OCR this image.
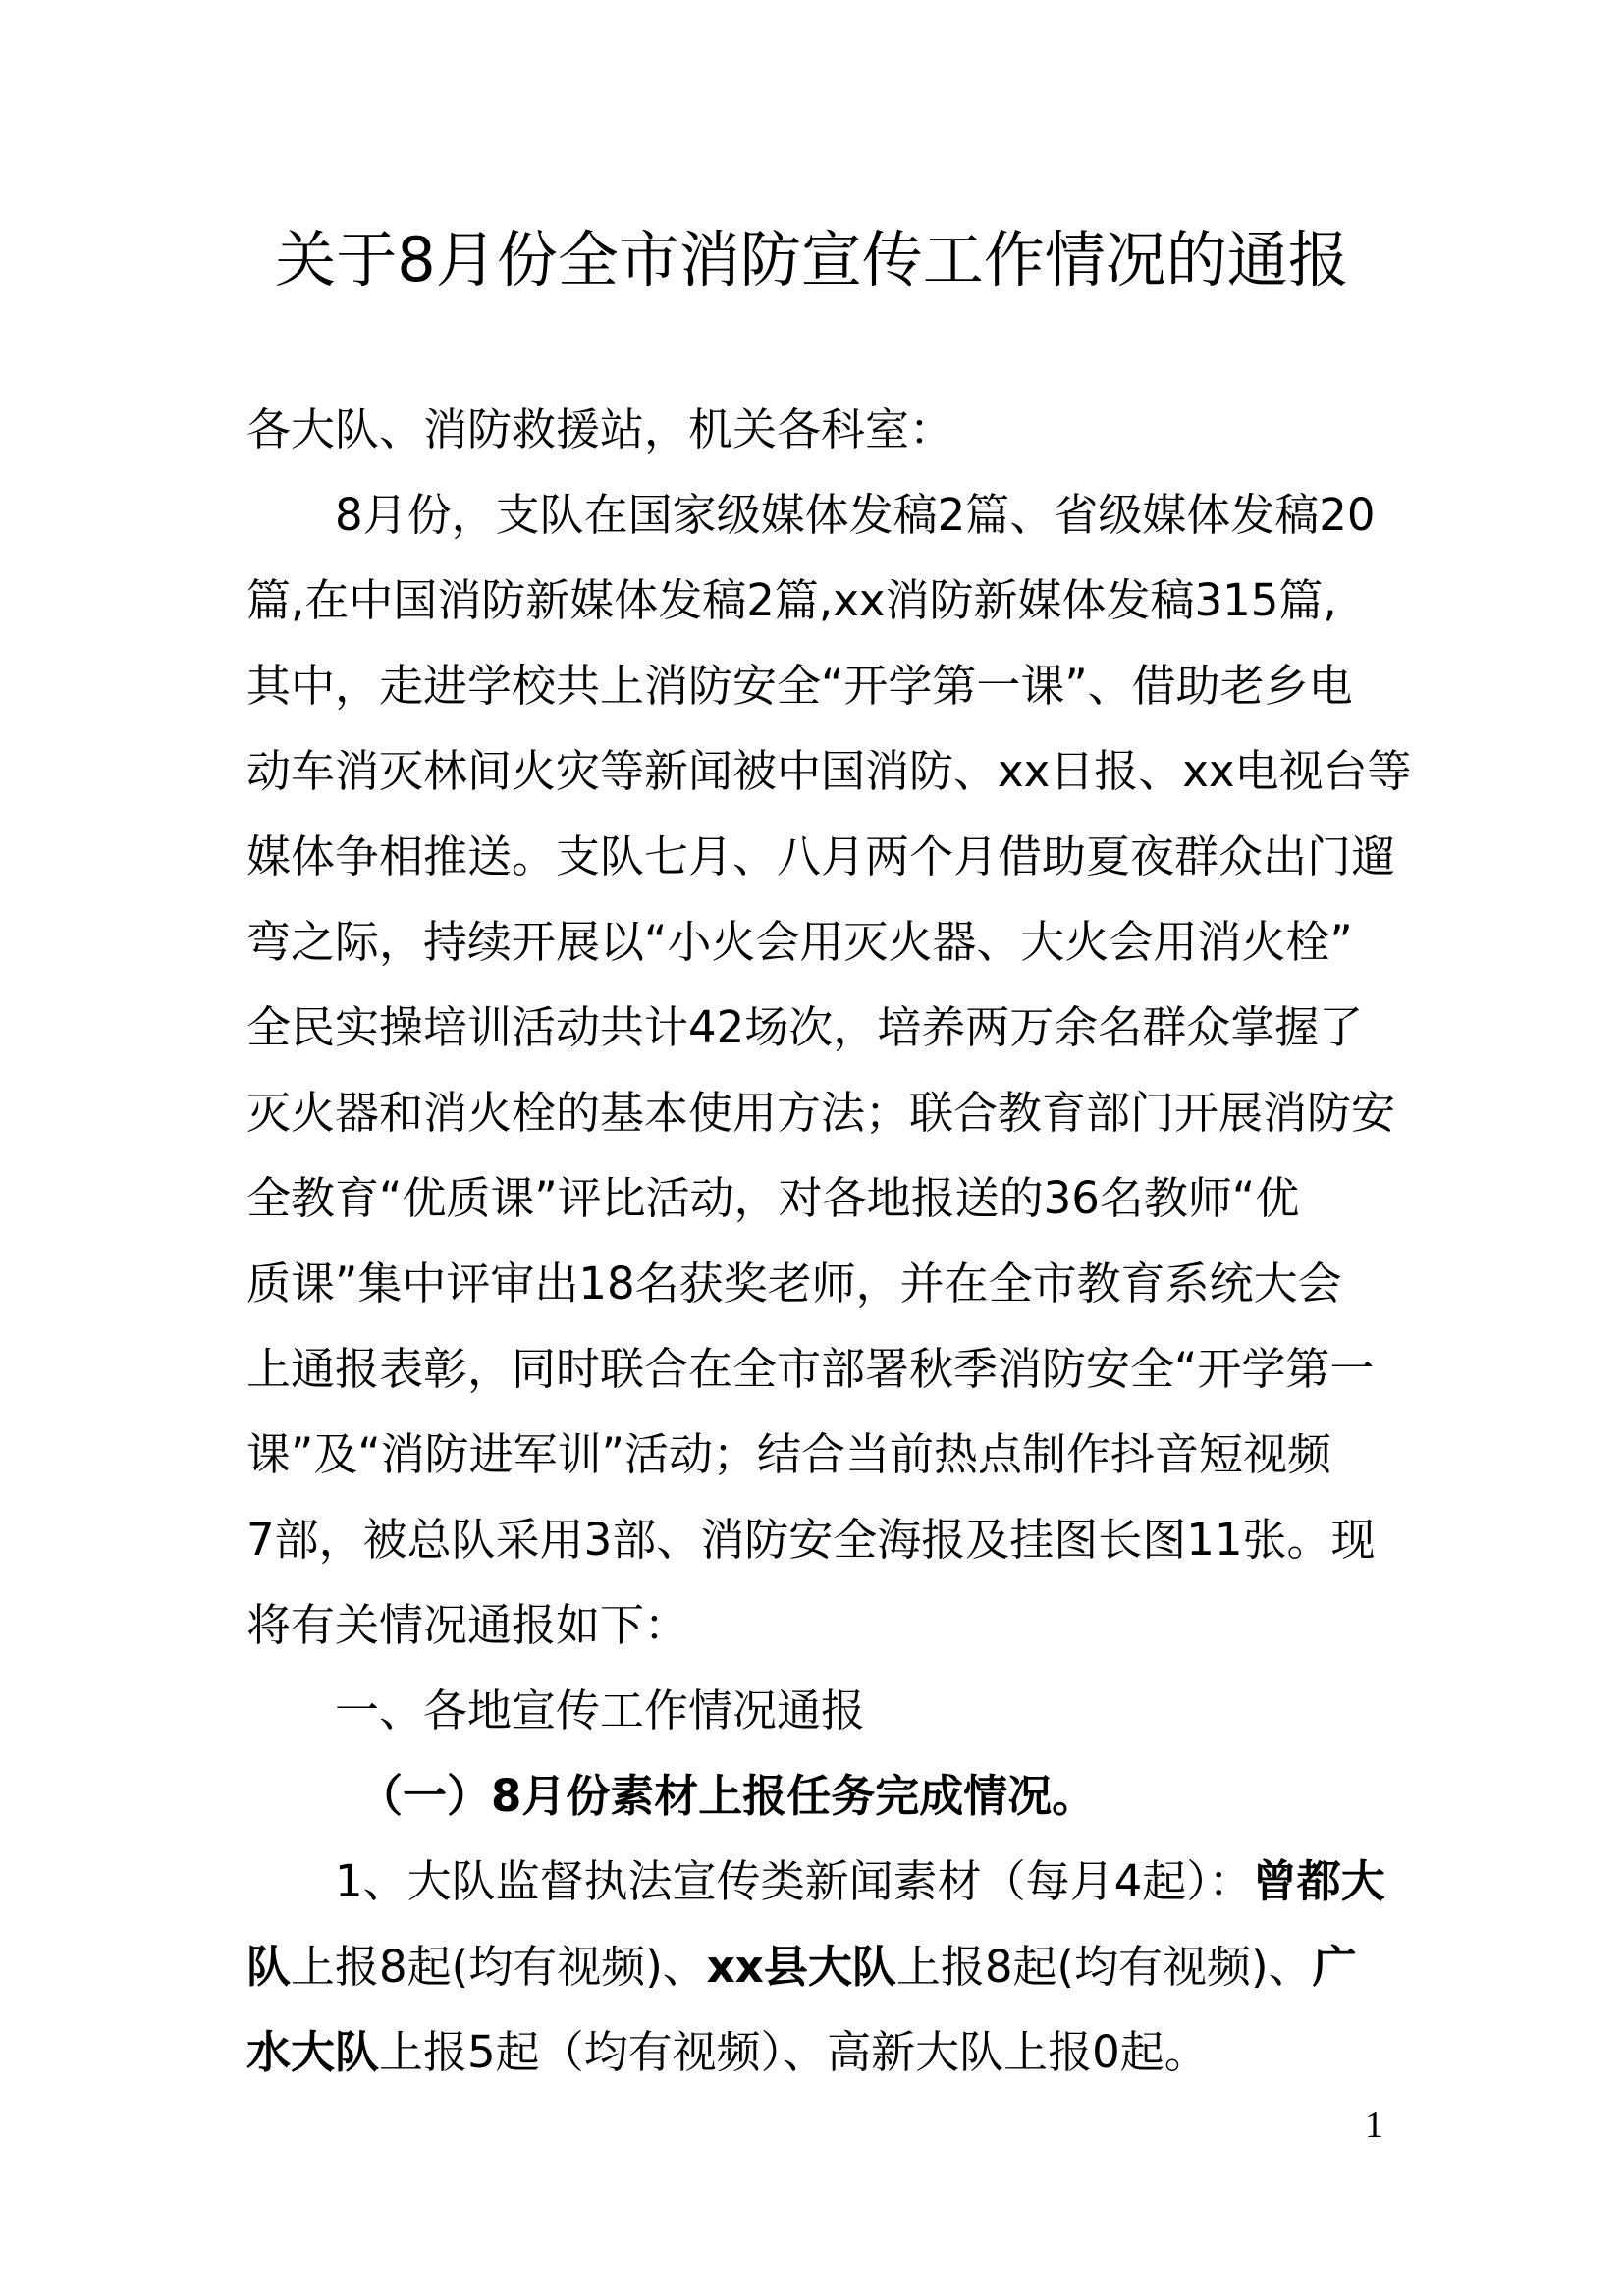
关于8月份全市消防宣传工作情况的通报
各大队、消防救援站，机关各科室：
8月份，支队在国家级媒体发稿2篇、省级媒体发稿20
篇,在中国消防新媒体发稿2篇,xx消防新媒体发稿315篇,
其中，走进学校共上消防安全“开学第一课”、借助老乡电
动车消灭林间火灾等新闻被中国消防、xx日报、xx电视台等
媒体争相推送。支队七月、八月两个月借助夏夜群众出门遛
弯之际，持续开展以“小火会用灭火器、大火会用消火栓”
全民实操培训活动共计42场次，培养两万余名群众掌握了
灭火器和消火栓的基本使用方法；联合教育部门开展消防安
全教育“优质课”评比活动，对各地报送的36名教师“优
质课”集中评审出18名获奖老师，并在全市教育系统大会
上通报表彰，同时联合在全市部署秋季消防安全“开学第一
课”及“消防进军训”活动；结合当前热点制作抖音短视频
7部，被总队采用3部、消防安全海报及挂图长图11张。现
将有关情况通报如下：
一、各地宣传工作情况通报
（一）8月份素材上报任务完成情况。
1、大队监督执法宣传类新闻素材（每月4起）：曾都大
队上报8起(均有视频)、xx县大队上报8起(均有视频)、广
水大队上报5起（均有视频）、高新大队上报0起。
1
